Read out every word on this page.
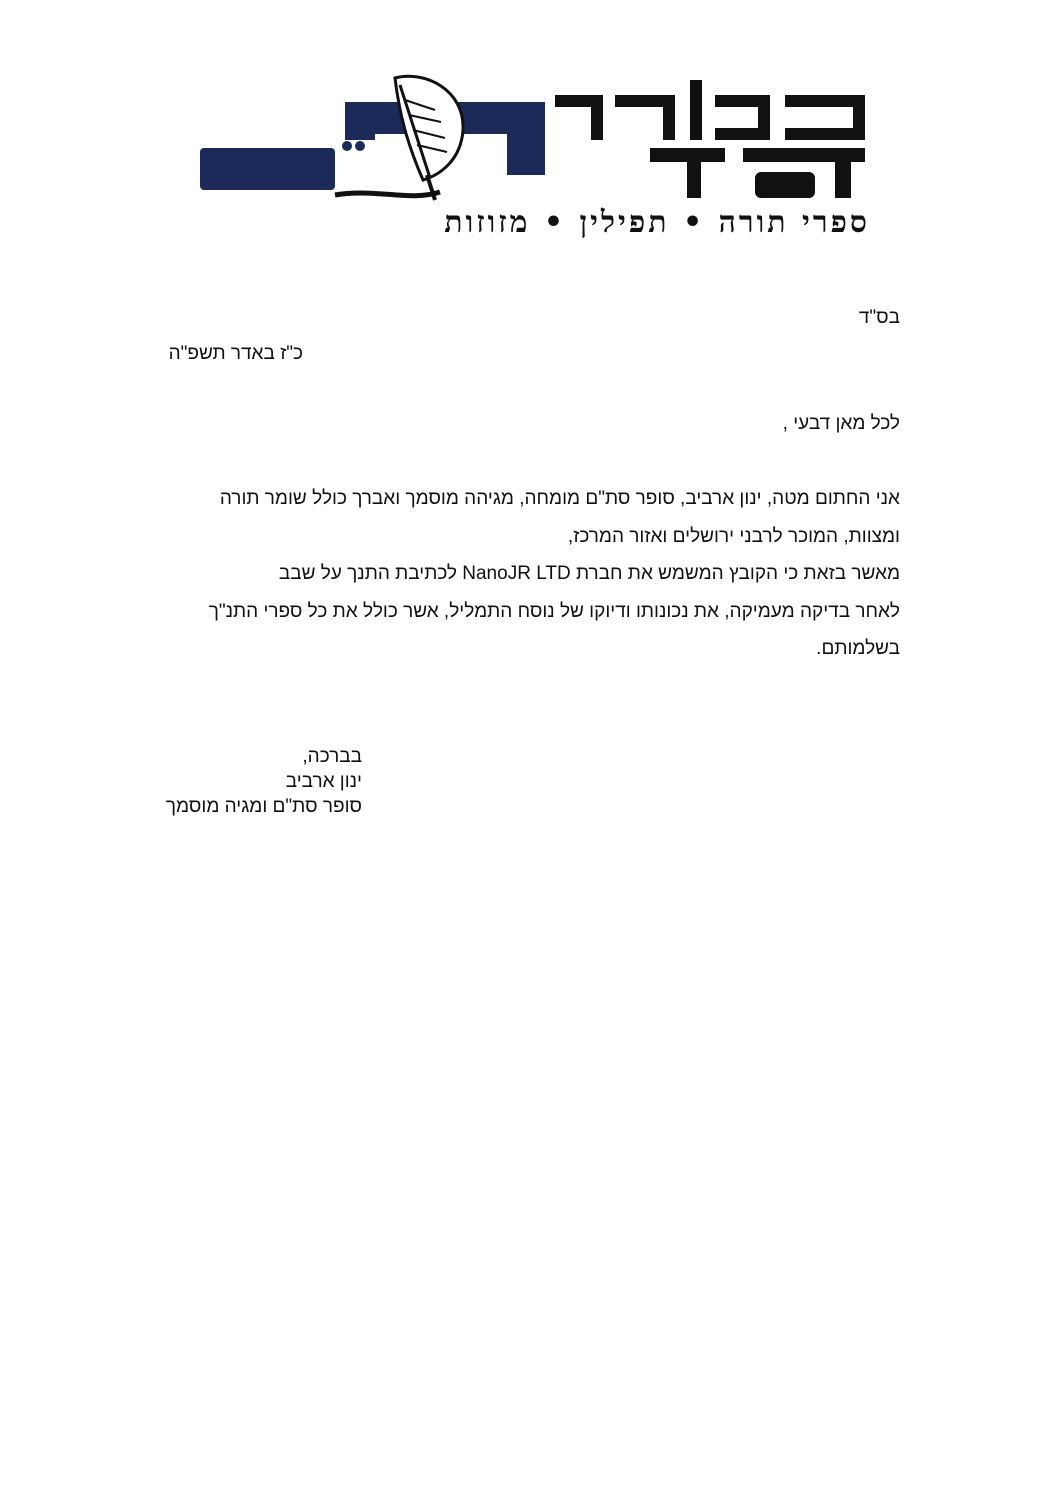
ספרי תורה • תפילין • מזוזות
בס"ד
כ"ז באדר תשפ"ה
לכל מאן דבעי ,
אני החתום מטה, ינון ארביב, סופר סת"ם מומחה, מגיהה מוסמך ואברך כולל שומר תורה
ומצוות, המוכר לרבני ירושלים ואזור המרכז,
מאשר בזאת כי הקובץ המשמש את חברת NanoJR LTD לכתיבת התנך על שבב
לאחר בדיקה מעמיקה, את נכונותו ודיוקו של נוסח התמליל, אשר כולל את כל ספרי התנ"ך
בשלמותם.
בברכה,
ינון ארביב
סופר סת"ם ומגיה מוסמך
